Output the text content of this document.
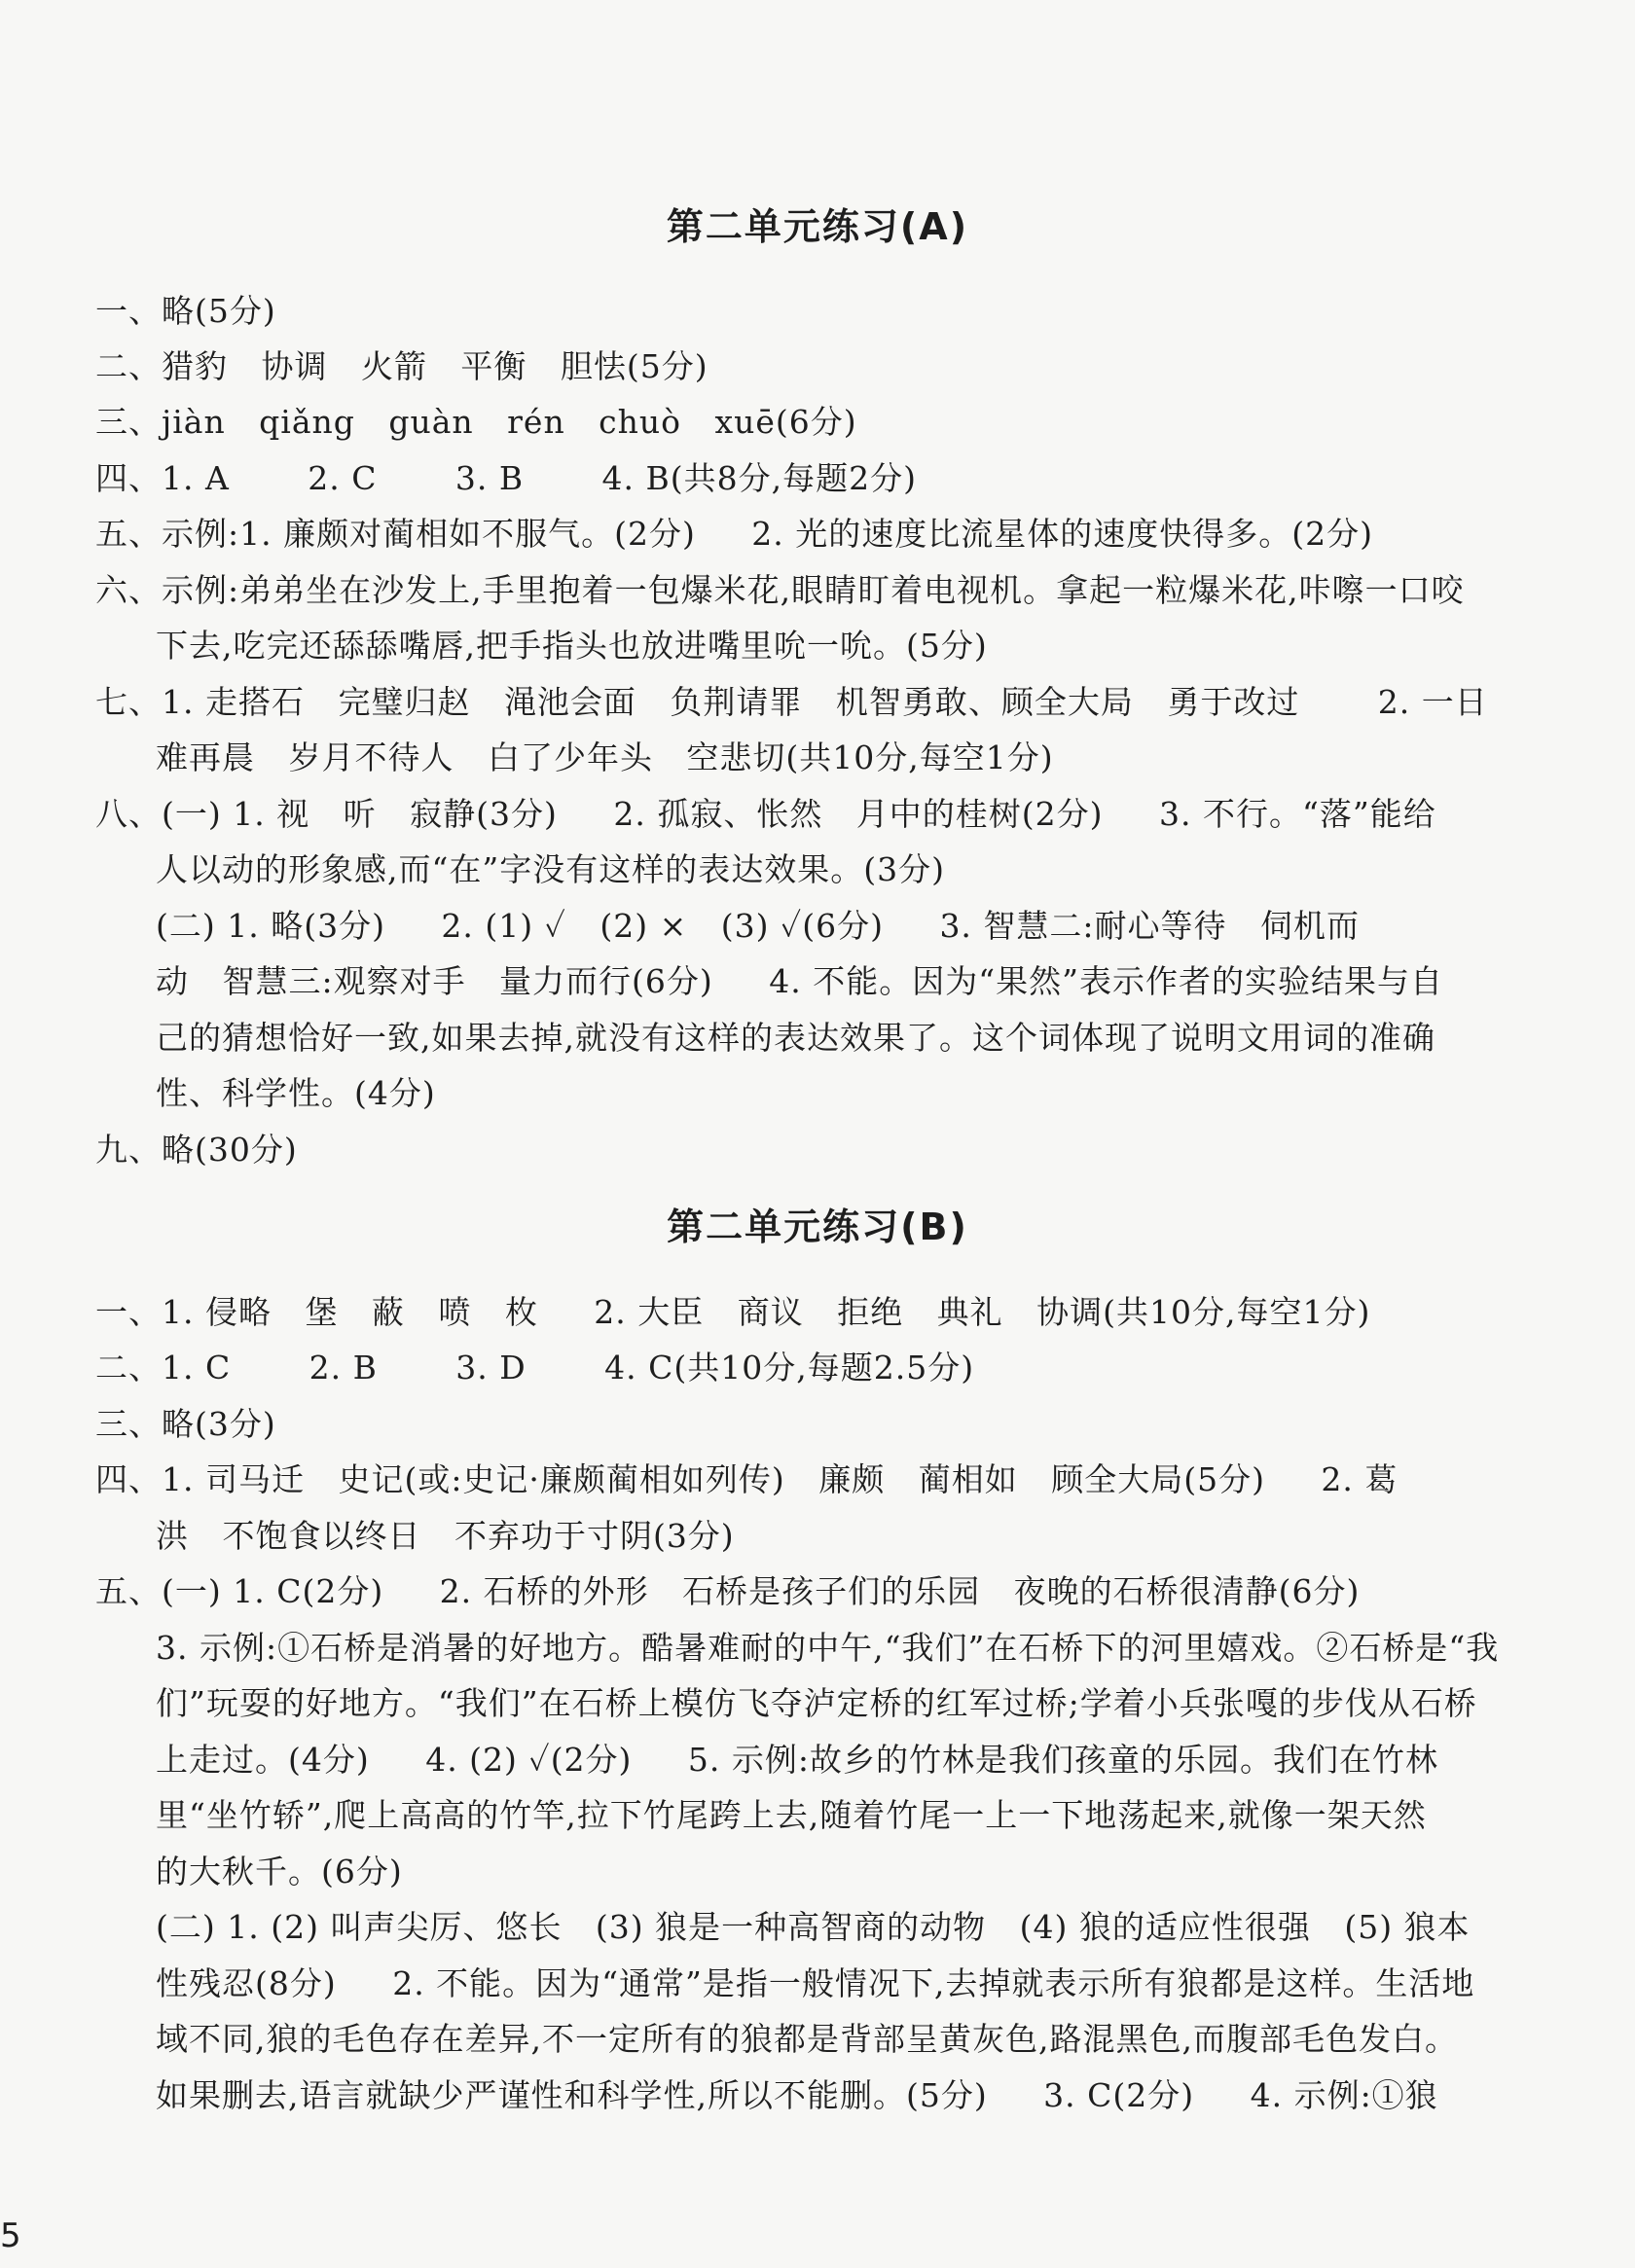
第二单元练习(A)
一、略(5分)
二、猎豹   协调   火箭   平衡   胆怯(5分)
三、jiàn   qiǎng   guàn   rén   chuò   xuē(6分)
四、1. A       2. C       3. B       4. B(共8分,每题2分)
五、示例:1. 廉颇对蔺相如不服气。(2分)     2. 光的速度比流星体的速度快得多。(2分)
六、示例:弟弟坐在沙发上,手里抱着一包爆米花,眼睛盯着电视机。拿起一粒爆米花,咔嚓一口咬
下去,吃完还舔舔嘴唇,把手指头也放进嘴里吮一吮。(5分)
七、1. 走搭石   完璧归赵   渑池会面   负荆请罪   机智勇敢、顾全大局   勇于改过       2. 一日
难再晨   岁月不待人   白了少年头   空悲切(共10分,每空1分)
八、(一) 1. 视   听   寂静(3分)     2. 孤寂、怅然   月中的桂树(2分)     3. 不行。“落”能给
人以动的形象感,而“在”字没有这样的表达效果。(3分)
(二) 1. 略(3分)     2. (1) ✓   (2) ×   (3) ✓(6分)     3. 智慧二:耐心等待   伺机而
动   智慧三:观察对手   量力而行(6分)     4. 不能。因为“果然”表示作者的实验结果与自
己的猜想恰好一致,如果去掉,就没有这样的表达效果了。这个词体现了说明文用词的准确
性、科学性。(4分)
九、略(30分)
第二单元练习(B)
一、1. 侵略   堡   蔽   喷   枚     2. 大臣   商议   拒绝   典礼   协调(共10分,每空1分)
二、1. C       2. B       3. D       4. C(共10分,每题2.5分)
三、略(3分)
四、1. 司马迁   史记(或:史记·廉颇蔺相如列传)   廉颇   蔺相如   顾全大局(5分)     2. 葛
洪   不饱食以终日   不弃功于寸阴(3分)
五、(一) 1. C(2分)     2. 石桥的外形   石桥是孩子们的乐园   夜晚的石桥很清静(6分)
3. 示例:①石桥是消暑的好地方。酷暑难耐的中午,“我们”在石桥下的河里嬉戏。②石桥是“我
们”玩耍的好地方。“我们”在石桥上模仿飞夺泸定桥的红军过桥;学着小兵张嘎的步伐从石桥
上走过。(4分)     4. (2) ✓(2分)     5. 示例:故乡的竹林是我们孩童的乐园。我们在竹林
里“坐竹轿”,爬上高高的竹竿,拉下竹尾跨上去,随着竹尾一上一下地荡起来,就像一架天然
的大秋千。(6分)
(二) 1. (2) 叫声尖厉、悠长   (3) 狼是一种高智商的动物   (4) 狼的适应性很强   (5) 狼本
性残忍(8分)     2. 不能。因为“通常”是指一般情况下,去掉就表示所有狼都是这样。生活地
域不同,狼的毛色存在差异,不一定所有的狼都是背部呈黄灰色,路混黑色,而腹部毛色发白。
如果删去,语言就缺少严谨性和科学性,所以不能删。(5分)     3. C(2分)     4. 示例:①狼
5
